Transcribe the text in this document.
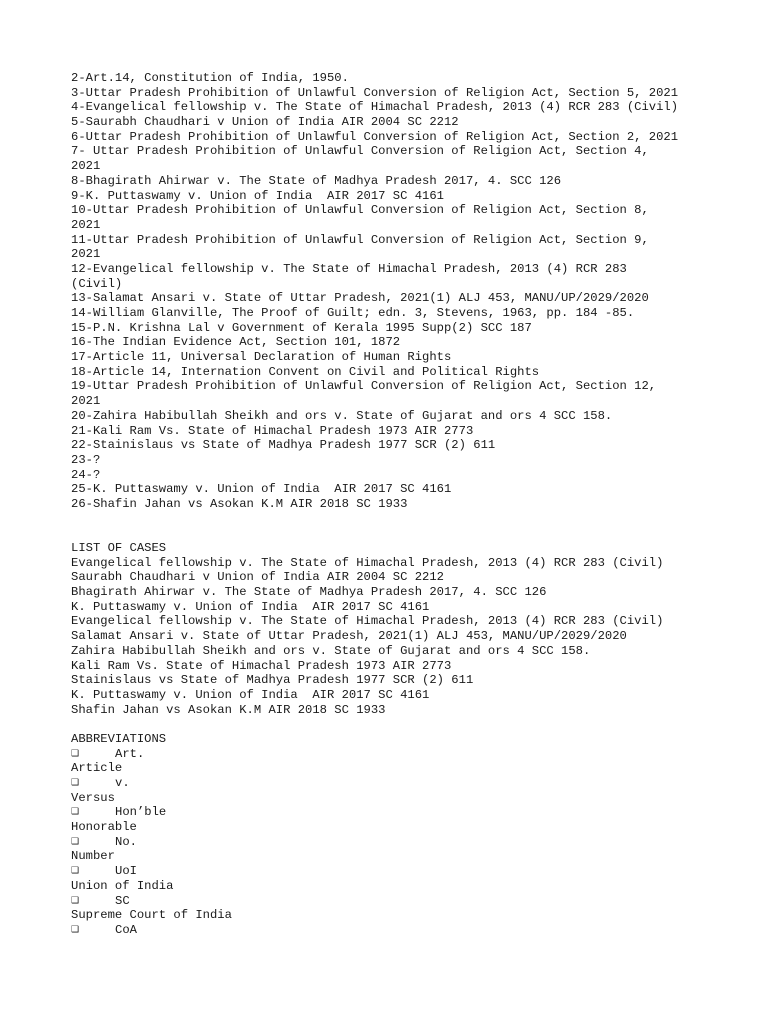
2-Art.14, Constitution of India, 1950.
3-Uttar Pradesh Prohibition of Unlawful Conversion of Religion Act, Section 5, 2021
4-Evangelical fellowship v. The State of Himachal Pradesh, 2013 (4) RCR 283 (Civil)
5-Saurabh Chaudhari v Union of India AIR 2004 SC 2212
6-Uttar Pradesh Prohibition of Unlawful Conversion of Religion Act, Section 2, 2021
7- Uttar Pradesh Prohibition of Unlawful Conversion of Religion Act, Section 4,
2021
8-Bhagirath Ahirwar v. The State of Madhya Pradesh 2017, 4. SCC 126
9-K. Puttaswamy v. Union of India  AIR 2017 SC 4161
10-Uttar Pradesh Prohibition of Unlawful Conversion of Religion Act, Section 8,
2021
11-Uttar Pradesh Prohibition of Unlawful Conversion of Religion Act, Section 9,
2021
12-Evangelical fellowship v. The State of Himachal Pradesh, 2013 (4) RCR 283
(Civil)
13-Salamat Ansari v. State of Uttar Pradesh, 2021(1) ALJ 453, MANU/UP/2029/2020
14-William Glanville, The Proof of Guilt; edn. 3, Stevens, 1963, pp. 184 -85.
15-P.N. Krishna Lal v Government of Kerala 1995 Supp(2) SCC 187
16-The Indian Evidence Act, Section 101, 1872
17-Article 11, Universal Declaration of Human Rights
18-Article 14, Internation Convent on Civil and Political Rights
19-Uttar Pradesh Prohibition of Unlawful Conversion of Religion Act, Section 12,
2021
20-Zahira Habibullah Sheikh and ors v. State of Gujarat and ors 4 SCC 158.
21-Kali Ram Vs. State of Himachal Pradesh 1973 AIR 2773
22-Stainislaus vs State of Madhya Pradesh 1977 SCR (2) 611
23-?
24-?
25-K. Puttaswamy v. Union of India  AIR 2017 SC 4161
26-Shafin Jahan vs Asokan K.M AIR 2018 SC 1933
LIST OF CASES
Evangelical fellowship v. The State of Himachal Pradesh, 2013 (4) RCR 283 (Civil)
Saurabh Chaudhari v Union of India AIR 2004 SC 2212
Bhagirath Ahirwar v. The State of Madhya Pradesh 2017, 4. SCC 126
K. Puttaswamy v. Union of India  AIR 2017 SC 4161
Evangelical fellowship v. The State of Himachal Pradesh, 2013 (4) RCR 283 (Civil)
Salamat Ansari v. State of Uttar Pradesh, 2021(1) ALJ 453, MANU/UP/2029/2020
Zahira Habibullah Sheikh and ors v. State of Gujarat and ors 4 SCC 158.
Kali Ram Vs. State of Himachal Pradesh 1973 AIR 2773
Stainislaus vs State of Madhya Pradesh 1977 SCR (2) 611
K. Puttaswamy v. Union of India  AIR 2017 SC 4161
Shafin Jahan vs Asokan K.M AIR 2018 SC 1933
ABBREVIATIONS
❑	Art.
Article
❑	v.
Versus
❑	Hon’ble
Honorable
❑	No.
Number
❑	UoI
Union of India
❑	SC
Supreme Court of India
❑	CoA
